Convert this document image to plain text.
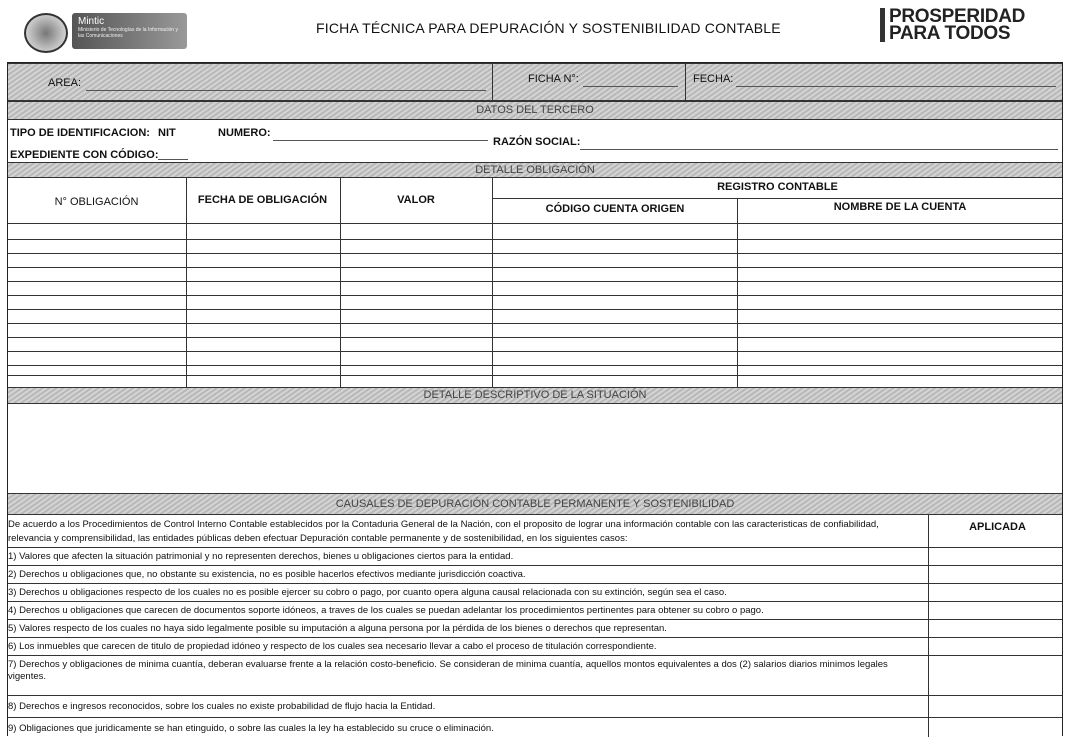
Mintic
Ministerio de Tecnologías de la Información y las Comunicaciones	FICHA TÉCNICA PARA DEPURACIÓN Y SOSTENIBILIDAD CONTABLE
PROSPERIDAD
PARA TODOS
AREA:	FICHA N°:	FECHA:
DATOS DEL TERCERO
TIPO DE IDENTIFICACION: NIT	NUMERO:
RAZÓN SOCIAL:
EXPEDIENTE CON CÓDIGO:
DETALLE OBLIGACIÓN
N° OBLIGACIÓN	FECHA DE OBLIGACIÓN	VALOR
REGISTRO CONTABLE
CÓDIGO CUENTA ORIGEN	NOMBRE DE LA CUENTA
DETALLE DESCRIPTIVO DE LA SITUACIÓN
CAUSALES DE DEPURACIÓN CONTABLE PERMANENTE Y SOSTENIBILIDAD
De acuerdo a los Procedimientos de Control Interno Contable establecidos por la Contaduria General de la Nación, con el proposito de lograr una información contable con las caracteristicas de confiabilidad, relevancia y comprensibilidad, las entidades públicas deben efectuar Depuración contable permanente y de sostenibilidad, en los siguientes casos:
APLICADA
1) Valores que afecten la situación patrimonial y no representen derechos, bienes u obligaciones ciertos para la entidad.
2) Derechos u obligaciones que, no obstante su existencia, no es posible hacerlos efectivos mediante jurisdicción coactiva.
3) Derechos u obligaciones respecto de los cuales no es posible ejercer su cobro o pago, por cuanto opera alguna causal relacionada con su extinción, según sea el caso.
4) Derechos u obligaciones que carecen de documentos soporte idóneos, a traves de los cuales se puedan adelantar los procedimientos pertinentes para obtener su cobro o pago.
5) Valores respecto de los cuales no haya sido legalmente posible su imputación a alguna persona por la pérdida de los bienes o derechos que representan.
6) Los inmuebles que carecen de titulo de propiedad idóneo y respecto de los cuales sea necesario llevar a cabo el proceso de titulación correspondiente.
7) Derechos y obligaciones de minima cuantía, deberan evaluarse frente a la relación costo-beneficio. Se consideran de minima cuantía, aquellos montos equivalentes a dos (2) salarios diarios minimos legales vigentes.
8) Derechos e ingresos reconocidos, sobre los cuales no existe probabilidad de flujo hacia la Entidad.
9) Obligaciones que juridicamente se han etinguido, o sobre las cuales la ley ha establecido su cruce o eliminación.
